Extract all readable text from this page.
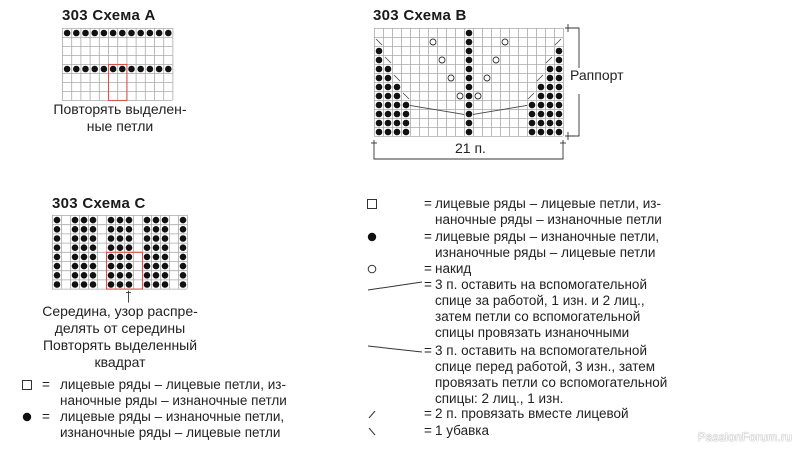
303 Схема А
Повторять выделен-
ные петли
303 Схема В
Раппорт
21 п.
303 Схема С
Середина, узор распре-
делять от середины
Повторять выделенный
квадрат
= лицевые ряды – лицевые петли, из-
наночные ряды – изнаночные петли
= лицевые ряды – изнаночные петли,
изнаночные ряды – лицевые петли
= лицевые ряды – лицевые петли, из-
наночные ряды – изнаночные петли
= лицевые ряды – изнаночные петли,
изнаночные ряды – лицевые петли
= накид
= 3 п. оставить на вспомогательной
спице за работой, 1 изн. и 2 лиц.,
затем петли со вспомогательной
спицы провязать изнаночными
= 3 п. оставить на вспомогательной
спице перед работой, 3 изн., затем
провязать петли со вспомогательной
спицы: 2 лиц., 1 изн.
= 2 п. провязать вместе лицевой
= 1 убавка	PassionForum.ru
